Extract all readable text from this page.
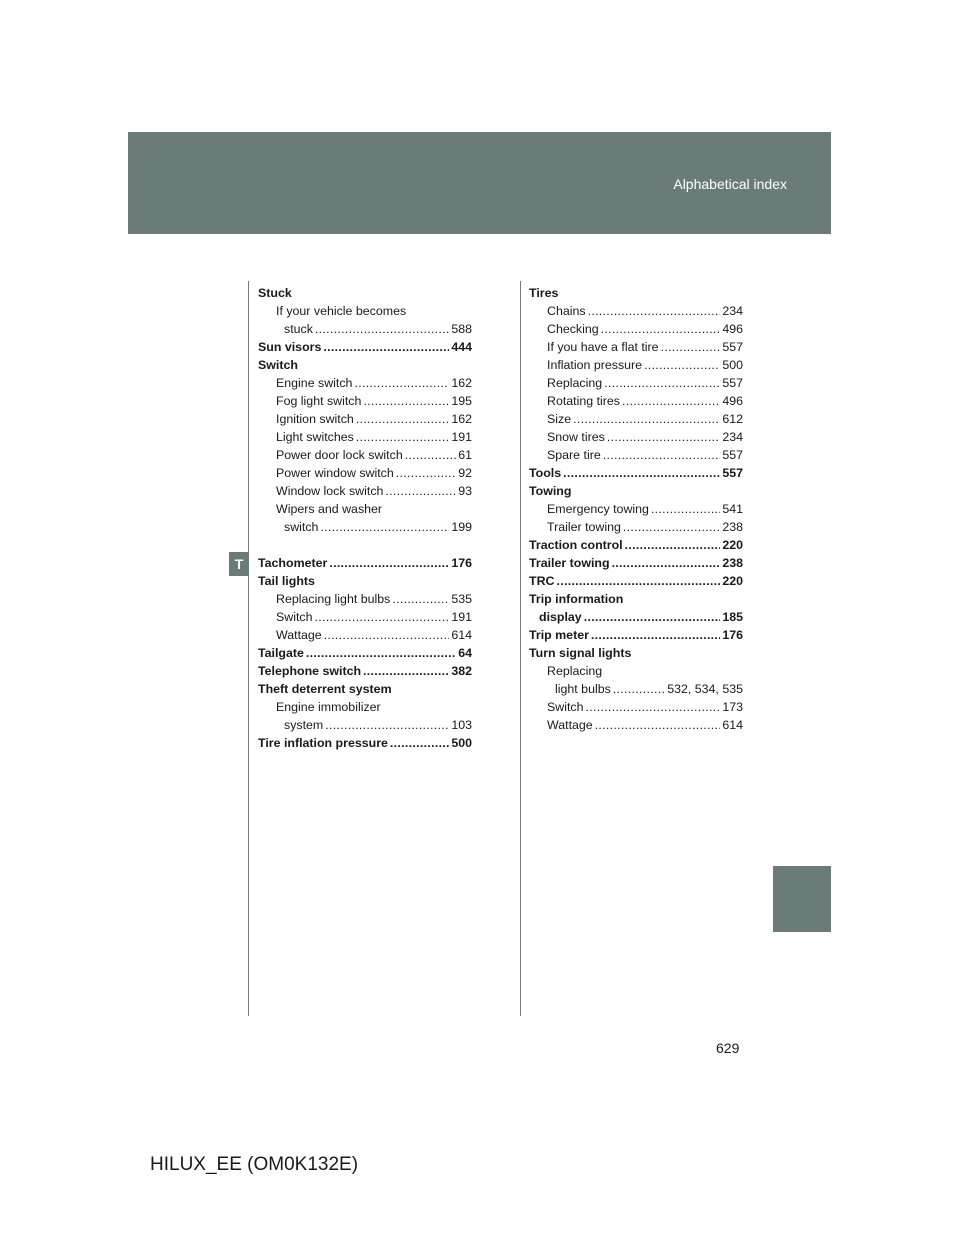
Alphabetical index
T
Stuck
If your vehicle becomes
stuck .....	588
Sun visors .....	444
Switch
Engine switch .....	162
Fog light switch .....	195
Ignition switch .....	162
Light switches .....	191
Power door lock switch .....	61
Power window switch .....	92
Window lock switch .....	93
Wipers and washer
switch .....	199
Tachometer .....	176
Tail lights
Replacing light bulbs .....	535
Switch .....	191
Wattage .....	614
Tailgate .....	64
Telephone switch .....	382
Theft deterrent system
Engine immobilizer
system .....	103
Tire inflation pressure .....	500
Tires
Chains .....	234
Checking .....	496
If you have a flat tire .....	557
Inflation pressure .....	500
Replacing .....	557
Rotating tires .....	496
Size .....	612
Snow tires .....	234
Spare tire .....	557
Tools .....	557
Towing
Emergency towing .....	541
Trailer towing .....	238
Traction control .....	220
Trailer towing .....	238
TRC .....	220
Trip information
display .....	185
Trip meter .....	176
Turn signal lights
Replacing
light bulbs .....	532, 534, 535
Switch .....	173
Wattage .....	614
629
HILUX_EE (OM0K132E)
